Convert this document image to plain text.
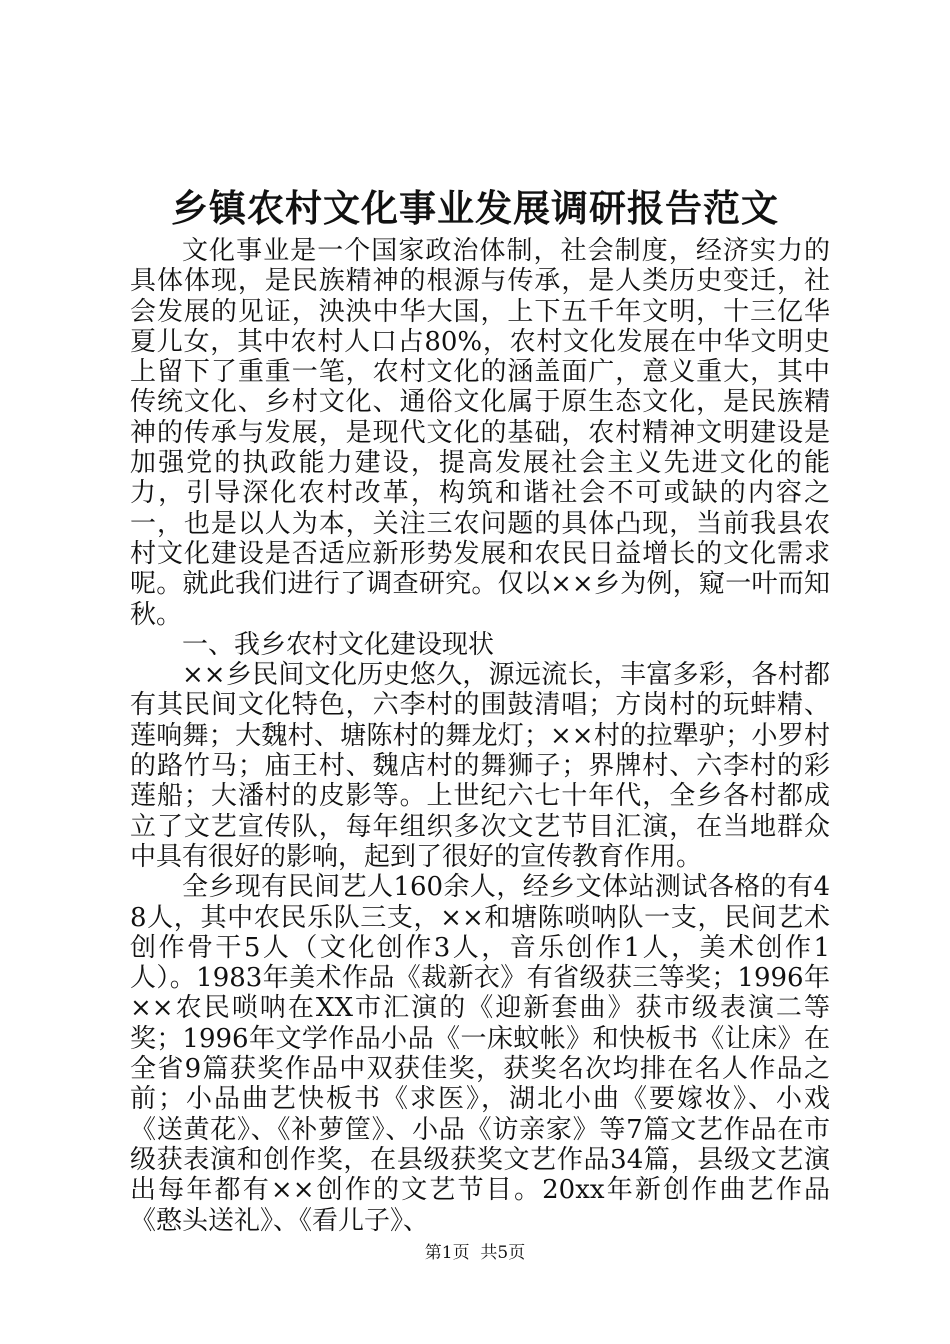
乡镇农村文化事业发展调研报告范文

文化事业是一个国家政治体制，社会制度，经济实力的具体体现，是民族精神的根源与传承，是人类历史变迁，社会发展的见证，泱泱中华大国，上下五千年文明，十三亿华夏儿女，其中农村人口占80%，农村文化发展在中华文明史上留下了重重一笔，农村文化的涵盖面广，意义重大，其中传统文化、乡村文化、通俗文化属于原生态文化，是民族精神的传承与发展，是现代文化的基础，农村精神文明建设是加强党的执政能力建设，提高发展社会主义先进文化的能力，引导深化农村改革，构筑和谐社会不可或缺的内容之一，也是以人为本，关注三农问题的具体凸现，当前我县农村文化建设是否适应新形势发展和农民日益增长的文化需求呢。就此我们进行了调查研究。仅以××乡为例，窥一叶而知秋。

一、我乡农村文化建设现状

××乡民间文化历史悠久，源远流长，丰富多彩，各村都有其民间文化特色，六李村的围鼓清唱；方岗村的玩蚌精、莲响舞；大魏村、塘陈村的舞龙灯；××村的拉犟驴；小罗村的路竹马；庙王村、魏店村的舞狮子；界牌村、六李村的彩莲船；大潘村的皮影等。上世纪六七十年代，全乡各村都成立了文艺宣传队，每年组织多次文艺节目汇演，在当地群众中具有很好的影响，起到了很好的宣传教育作用。

全乡现有民间艺人160余人，经乡文体站测试各格的有48人，其中农民乐队三支，××和塘陈唢呐队一支，民间艺术创作骨干5人（文化创作3人，音乐创作1人，美术创作1人）。1983年美术作品《裁新衣》有省级获三等奖；1996年××农民唢呐在XX市汇演的《迎新套曲》获市级表演二等奖；1996年文学作品小品《一床蚊帐》和快板书《让床》在全省9篇获奖作品中双获佳奖，获奖名次均排在名人作品之前；小品曲艺快板书《求医》，湖北小曲《要嫁妆》、小戏《送黄花》、《补萝筐》、小品《访亲家》等7篇文艺作品在市级获表演和创作奖，在县级获奖文艺作品34篇，县级文艺演出每年都有××创作的文艺节目。20xx年新创作曲艺作品《憨头送礼》、《看儿子》、

第1页  共5页
